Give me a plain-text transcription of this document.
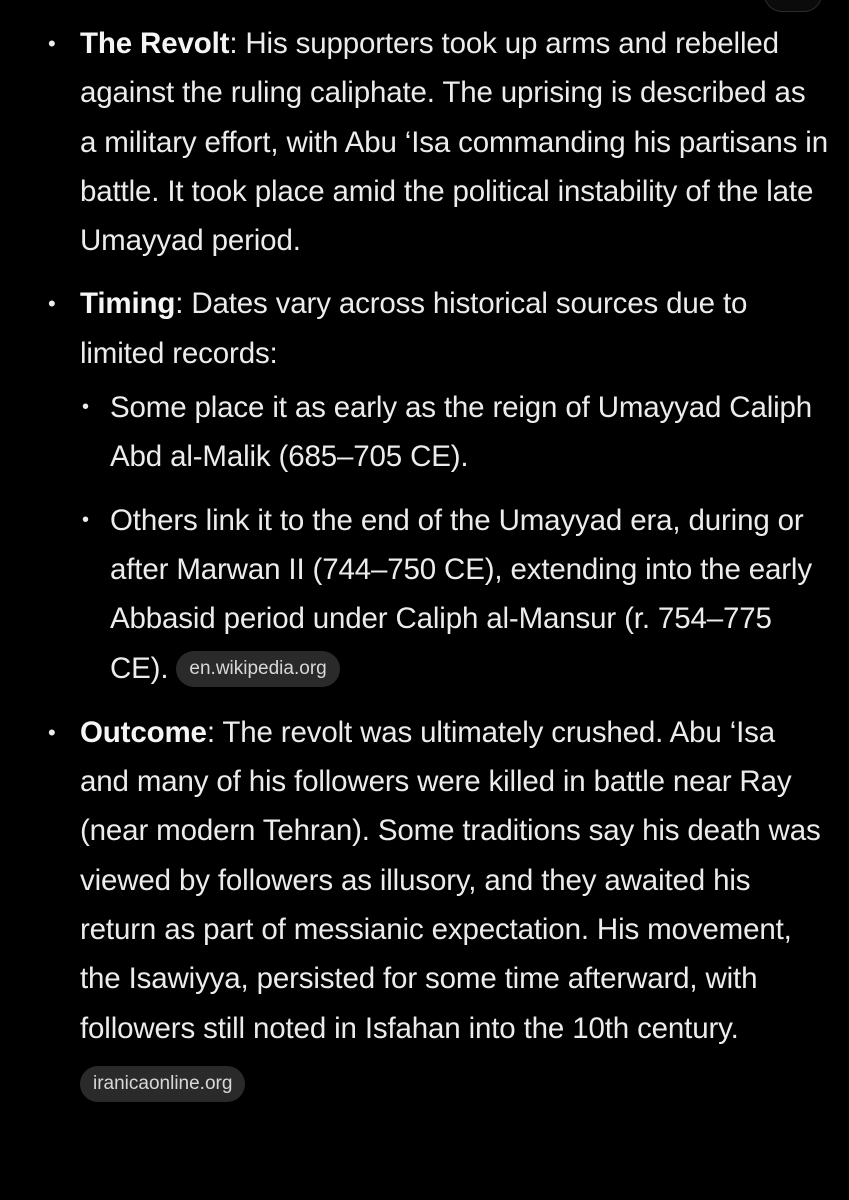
• The Revolt: His supporters took up arms and rebelled against the ruling caliphate. The uprising is described as a military effort, with Abu ‘Isa commanding his partisans in battle. It took place amid the political instability of the late Umayyad period.
• Timing: Dates vary across historical sources due to limited records:
• Some place it as early as the reign of Umayyad Caliph Abd al-Malik (685–705 CE).
• Others link it to the end of the Umayyad era, during or after Marwan II (744–750 CE), extending into the early Abbasid period under Caliph al-Mansur (r. 754–775 CE). en.wikipedia.org
• Outcome: The revolt was ultimately crushed. Abu ‘Isa and many of his followers were killed in battle near Ray (near modern Tehran). Some traditions say his death was viewed by followers as illusory, and they awaited his return as part of messianic expectation. His movement, the Isawiyya, persisted for some time afterward, with followers still noted in Isfahan into the 10th century.
iranicaonline.org
